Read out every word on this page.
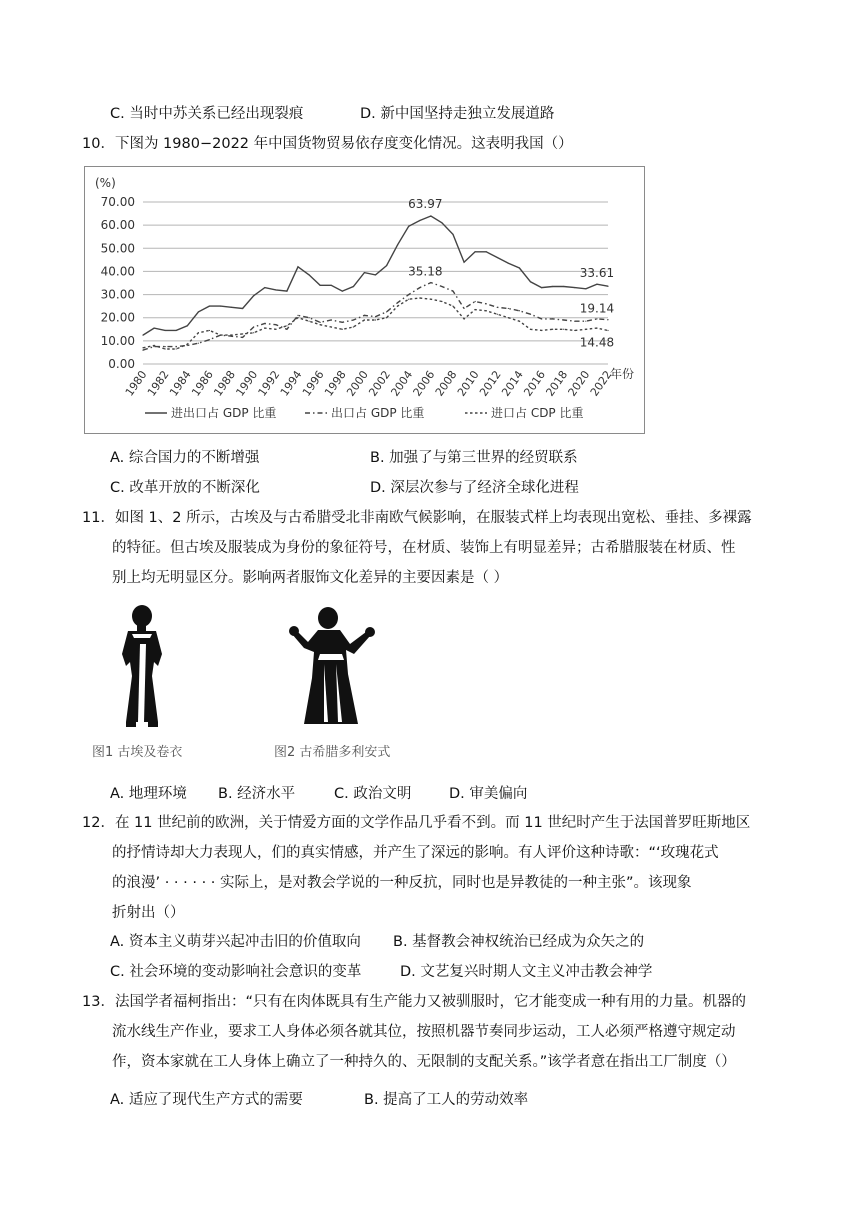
C. 当时中苏关系已经出现裂痕	D. 新中国坚持走独立发展道路
10．下图为 1980−2022 年中国货物贸易依存度变化情况。这表明我国（）
(%)
0.00
10.00
20.00
30.00
40.00
50.00
60.00
70.00
1980
1982
1984
1986
1988
1990
1992
1994
1996
1998
2000
2002
2004
2006
2008
2010
2012
2014
2016
2018
2020
2022
年份
63.97
35.18	33.61
19.14
14.48
进出口占 GDP 比重	出口占 GDP 比重	进口占 CDP 比重
A. 综合国力的不断增强	B. 加强了与第三世界的经贸联系
C. 改革开放的不断深化	D. 深层次参与了经济全球化进程
11．如图 1、2 所示，古埃及与古希腊受北非南欧气候影响，在服装式样上均表现出宽松、垂挂、多裸露
的特征。但古埃及服装成为身份的象征符号，在材质、装饰上有明显差异；古希腊服装在材质、性
别上均无明显区分。影响两者服饰文化差异的主要因素是（ ）
图1 古埃及卷衣	图2 古希腊多利安式
A. 地理环境 B. 经济水平	C. 政治文明	D. 审美偏向
12．在 11 世纪前的欧洲，关于情爱方面的文学作品几乎看不到。而 11 世纪时产生于法国普罗旺斯地区
的抒情诗却大力表现人，们的真实情感，并产生了深远的影响。有人评价这种诗歌：“‘玫瑰花式
的浪漫’ · · · · · · 实际上，是对教会学说的一种反抗，同时也是异教徒的一种主张”。该现象
折射出（）
A. 资本主义萌芽兴起冲击旧的价值取向 B. 基督教会神权统治已经成为众矢之的
C. 社会环境的变动影响社会意识的变革	D. 文艺复兴时期人文主义冲击教会神学
13．法国学者福柯指出：“只有在肉体既具有生产能力又被驯服时，它才能变成一种有用的力量。机器的
流水线生产作业，要求工人身体必须各就其位，按照机器节奏同步运动，工人必须严格遵守规定动
作，资本家就在工人身体上确立了一种持久的、无限制的支配关系。”该学者意在指出工厂制度（）
A. 适应了现代生产方式的需要	B. 提高了工人的劳动效率
